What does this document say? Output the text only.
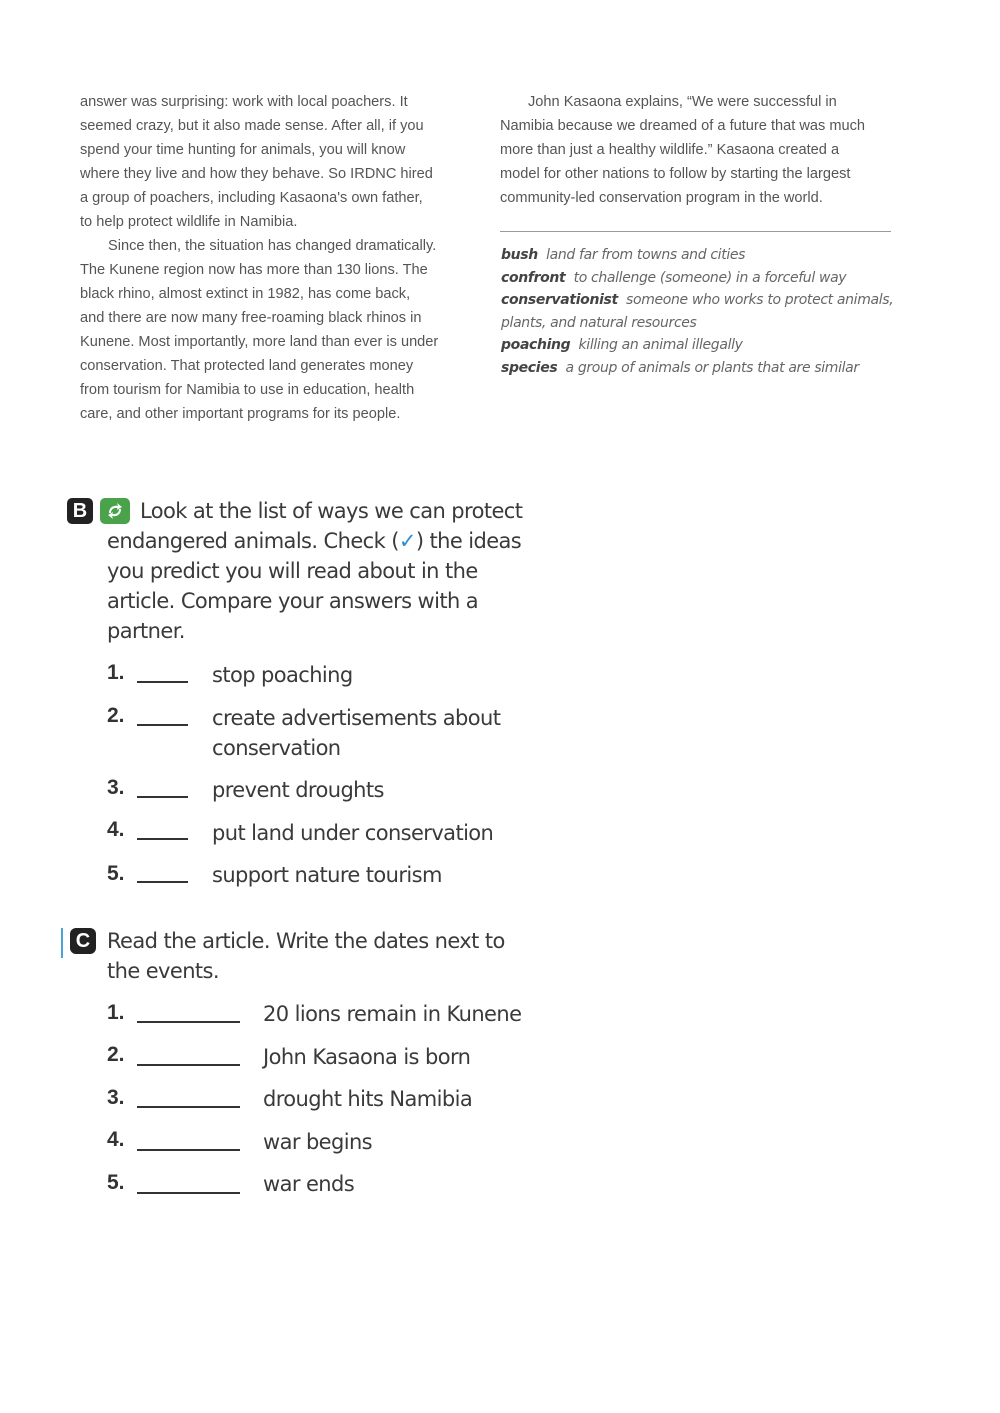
answer was surprising: work with local poachers. It
seemed crazy, but it also made sense. After all, if you
spend your time hunting for animals, you will know
where they live and how they behave. So IRDNC hired
a group of poachers, including Kasaona's own father,
to help protect wildlife in Namibia.

Since then, the situation has changed dramatically.
The Kunene region now has more than 130 lions. The
black rhino, almost extinct in 1982, has come back,
and there are now many free-roaming black rhinos in
Kunene. Most importantly, more land than ever is under
conservation. That protected land generates money
from tourism for Namibia to use in education, health
care, and other important programs for its people.

John Kasaona explains, “We were successful in
Namibia because we dreamed of a future that was much
more than just a healthy wildlife.” Kasaona created a
model for other nations to follow by starting the largest
community-led conservation program in the world.

bush land far from towns and cities
confront to challenge (someone) in a forceful way
conservationist someone who works to protect animals,
plants, and natural resources
poaching killing an animal illegally
species a group of animals or plants that are similar
B	Look at the list of ways we can protect
endangered animals. Check (✓) the ideas
you predict you will read about in the
article. Compare your answers with a
partner.
1.	stop poaching
2.	create advertisements about
conservation
3.	prevent droughts
4.	put land under conservation
5.	support nature tourism
C Read the article. Write the dates next to
the events.
1.	20 lions remain in Kunene
2.	John Kasaona is born
3.	drought hits Namibia
4.	war begins
5.	war ends
